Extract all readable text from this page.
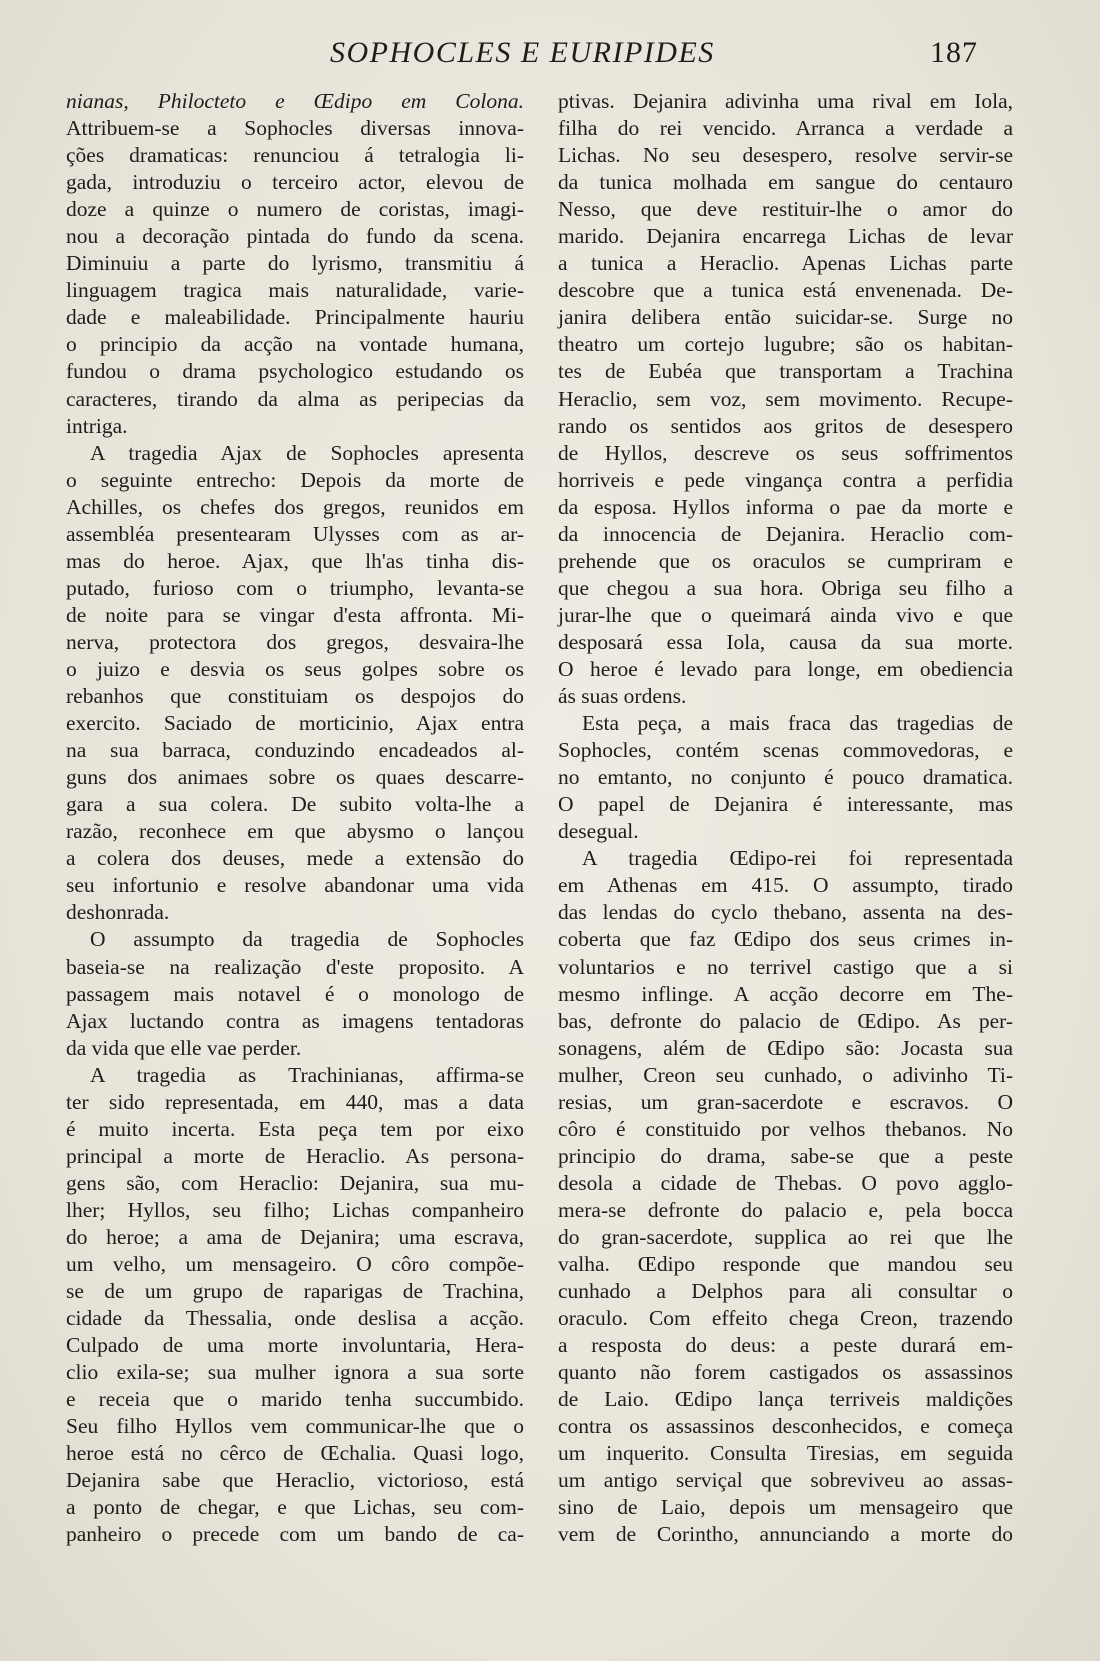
SOPHOCLES E EURIPIDES	187
nianas, Philocteto e Œdipo em Colona.
Attribuem-se a Sophocles diversas innova-
ções dramaticas: renunciou á tetralogia li-
gada, introduziu o terceiro actor, elevou de
doze a quinze o numero de coristas, imagi-
nou a decoração pintada do fundo da scena.
Diminuiu a parte do lyrismo, transmitiu á
linguagem tragica mais naturalidade, varie-
dade e maleabilidade. Principalmente hauriu
o principio da acção na vontade humana,
fundou o drama psychologico estudando os
caracteres, tirando da alma as peripecias da
intriga.
A tragedia Ajax de Sophocles apresenta
o seguinte entrecho: Depois da morte de
Achilles, os chefes dos gregos, reunidos em
assembléa presentearam Ulysses com as ar-
mas do heroe. Ajax, que lh'as tinha dis-
putado, furioso com o triumpho, levanta-se
de noite para se vingar d'esta affronta. Mi-
nerva, protectora dos gregos, desvaira-lhe
o juizo e desvia os seus golpes sobre os
rebanhos que constituiam os despojos do
exercito. Saciado de morticinio, Ajax entra
na sua barraca, conduzindo encadeados al-
guns dos animaes sobre os quaes descarre-
gara a sua colera. De subito volta-lhe a
razão, reconhece em que abysmo o lançou
a colera dos deuses, mede a extensão do
seu infortunio e resolve abandonar uma vida
deshonrada.
O assumpto da tragedia de Sophocles
baseia-se na realização d'este proposito. A
passagem mais notavel é o monologo de
Ajax luctando contra as imagens tentadoras
da vida que elle vae perder.
A tragedia as Trachinianas, affirma-se
ter sido representada, em 440, mas a data
é muito incerta. Esta peça tem por eixo
principal a morte de Heraclio. As persona-
gens são, com Heraclio: Dejanira, sua mu-
lher; Hyllos, seu filho; Lichas companheiro
do heroe; a ama de Dejanira; uma escrava,
um velho, um mensageiro. O côro compõe-
se de um grupo de raparigas de Trachina,
cidade da Thessalia, onde deslisa a acção.
Culpado de uma morte involuntaria, Hera-
clio exila-se; sua mulher ignora a sua sorte
e receia que o marido tenha succumbido.
Seu filho Hyllos vem communicar-lhe que o
heroe está no cêrco de Œchalia. Quasi logo,
Dejanira sabe que Heraclio, victorioso, está
a ponto de chegar, e que Lichas, seu com-
panheiro o precede com um bando de ca-
ptivas. Dejanira adivinha uma rival em Iola,
filha do rei vencido. Arranca a verdade a
Lichas. No seu desespero, resolve servir-se
da tunica molhada em sangue do centauro
Nesso, que deve restituir-lhe o amor do
marido. Dejanira encarrega Lichas de levar
a tunica a Heraclio. Apenas Lichas parte
descobre que a tunica está envenenada. De-
janira delibera então suicidar-se. Surge no
theatro um cortejo lugubre; são os habitan-
tes de Eubéa que transportam a Trachina
Heraclio, sem voz, sem movimento. Recupe-
rando os sentidos aos gritos de desespero
de Hyllos, descreve os seus soffrimentos
horriveis e pede vingança contra a perfidia
da esposa. Hyllos informa o pae da morte e
da innocencia de Dejanira. Heraclio com-
prehende que os oraculos se cumpriram e
que chegou a sua hora. Obriga seu filho a
jurar-lhe que o queimará ainda vivo e que
desposará essa Iola, causa da sua morte.
O heroe é levado para longe, em obediencia
ás suas ordens.
Esta peça, a mais fraca das tragedias de
Sophocles, contém scenas commovedoras, e
no emtanto, no conjunto é pouco dramatica.
O papel de Dejanira é interessante, mas
desegual.
A tragedia Œdipo-rei foi representada
em Athenas em 415. O assumpto, tirado
das lendas do cyclo thebano, assenta na des-
coberta que faz Œdipo dos seus crimes in-
voluntarios e no terrivel castigo que a si
mesmo inflinge. A acção decorre em The-
bas, defronte do palacio de Œdipo. As per-
sonagens, além de Œdipo são: Jocasta sua
mulher, Creon seu cunhado, o adivinho Ti-
resias, um gran-sacerdote e escravos. O
côro é constituido por velhos thebanos. No
principio do drama, sabe-se que a peste
desola a cidade de Thebas. O povo agglo-
mera-se defronte do palacio e, pela bocca
do gran-sacerdote, supplica ao rei que lhe
valha. Œdipo responde que mandou seu
cunhado a Delphos para ali consultar o
oraculo. Com effeito chega Creon, trazendo
a resposta do deus: a peste durará em-
quanto não forem castigados os assassinos
de Laio. Œdipo lança terriveis maldições
contra os assassinos desconhecidos, e começa
um inquerito. Consulta Tiresias, em seguida
um antigo serviçal que sobreviveu ao assas-
sino de Laio, depois um mensageiro que
vem de Corintho, annunciando a morte do
